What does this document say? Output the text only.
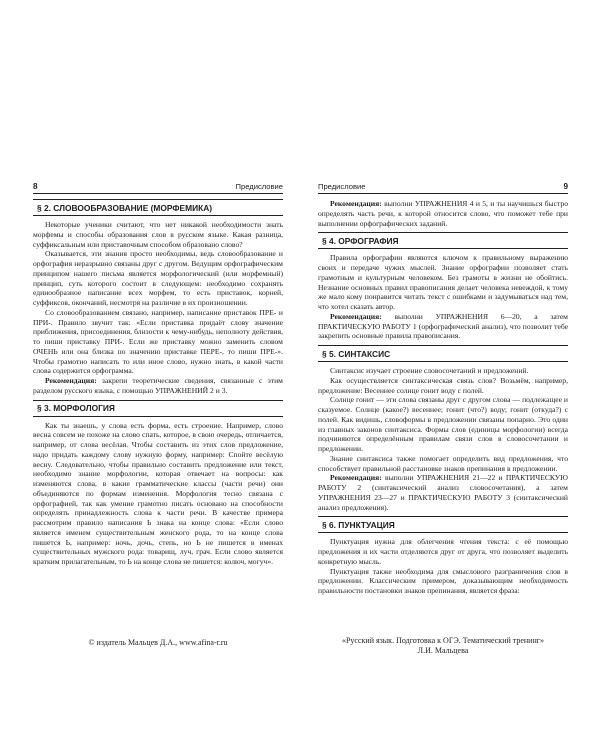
8	Предисловие
§ 2. СЛОВООБРАЗОВАНИЕ (МОРФЕМИКА)

Некоторые ученики считают, что нет никакой необходимости знать морфемы и способы образования слов в русском языке. Какая разница, суффиксальным или приставочным способом образовано слово?

Оказывается, эти знания просто необходимы, ведь словообразование и орфография неразрывно связаны друг с другом. Ведущим орфографическим принципом нашего письма является морфологический (или морфемный) принцип, суть которого состоит в следующем: необходимо сохранять единообразное написание всех морфем, то есть приставок, корней, суффиксов, окончаний, несмотря на различие в их произношении.

Со словообразованием связано, например, написание приставок ПРЕ- и ПРИ-. Правило звучит так: «Если приставка придаёт слову значение приближения, присоединения, близости к чему-нибудь, неполноту действия, то пиши приставку ПРИ-. Если же приставку можно заменить словом ОЧЕНЬ или она близка по значению приставке ПЕРЕ-, то пиши ПРЕ-». Чтобы грамотно написать то или иное слово, нужно знать, в какой части слова содержится орфограмма.

Рекомендация: закрепи теоретические сведения, связанные с этим разделом русского языка, с помощью УПРАЖНЕНИЙ 2 и 3.

§ 3. МОРФОЛОГИЯ

Как ты знаешь, у слова есть форма, есть строение. Например, слово весна совсем не похоже на слово спать, которое, в свою очередь, отличается, например, от слова весёлая. Чтобы составить из этих слов предложение, надо придать каждому слову нужную форму, например: Спойте весёлую весну. Следовательно, чтобы правильно составить предложение или текст, необходимо знание морфологии, которая отвечает на вопросы: как изменяются слова, в какие грамматические классы (части речи) они объединяются по формам изменения. Морфология тесно связана с орфографией, так как умение грамотно писать основано на способности определять принадлежность слова к части речи. В качестве примера рассмотрим правило написания Ь знака на конце слова: «Если слово является именем существительным женского рода, то на конце слова пишется Ь, например: ночь, дочь, степь, но Ь не пишется в именах существительных мужского рода: товарищ, луч, грач. Если слово является кратким прилагательным, то Ь на конце слова не пишется: колюч, могуч».

© издатель Мальцев Д.А., www.afina-r.ru
Предисловие	9

Рекомендация: выполни УПРАЖНЕНИЯ 4 и 5, и ты научишься быстро определять часть речи, к которой относится слово, что поможет тебе при выполнении орфографических заданий.

§ 4. ОРФОГРАФИЯ

Правила орфографии являются ключом к правильному выражению своих и передаче чужих мыслей. Знание орфографии позволяет стать грамотным и культурным человеком. Без грамоты в жизни не обойтись. Незнание основных правил правописания делает человека невеждой, к тому же мало кому понравится читать текст с ошибками и задумываться над тем, что хотел сказать автор.

Рекомендация: выполни УПРАЖНЕНИЯ 6—20, а затем ПРАКТИЧЕСКУЮ РАБОТУ 1 (орфографический анализ), что позволит тебе закрепить основные правила правописания.

§ 5. СИНТАКСИС

Синтаксис изучает строение словосочетаний и предложений.

Как осуществляется синтаксическая связь слов? Возьмём, например, предложение: Весеннее солнце гонит воду с полей.

Солнце гонит — эти слова связаны друг с другом слова — подлежащее и сказуемое. Солнце (какое?) весеннее; гонит (что?) воду; гонит (откуда?) с полей. Как видишь, словоформы в предложении связаны попарно. Это один из главных законов синтаксиса. Формы слов (единицы морфологии) всегда подчиняются определённым правилам связи слов в словосочетании и предложении.

Знание синтаксиса также помогает определить вид предложения, что способствует правильной расстановке знаков препинания в предложении.

Рекомендация: выполни УПРАЖНЕНИЯ 21—22 и ПРАКТИЧЕСКУЮ РАБОТУ 2 (синтаксический анализ словосочетания), а затем УПРАЖНЕНИЯ 23—27 и ПРАКТИЧЕСКУЮ РАБОТУ 3 (синтаксический анализ предложения).

§ 6. ПУНКТУАЦИЯ

Пунктуация нужна для облегчения чтения текста: с её помощью предложения и их части отделяются друг от друга, что позволяет выделить конкретную мысль.

Пунктуация также необходима для смыслового разграничения слов в предложении. Классическим примером, доказывающим необходимость правильности постановки знаков препинания, является фраза:

«Русский язык. Подготовка к ОГЭ. Тематический тренинг»
Л.И. Мальцева
